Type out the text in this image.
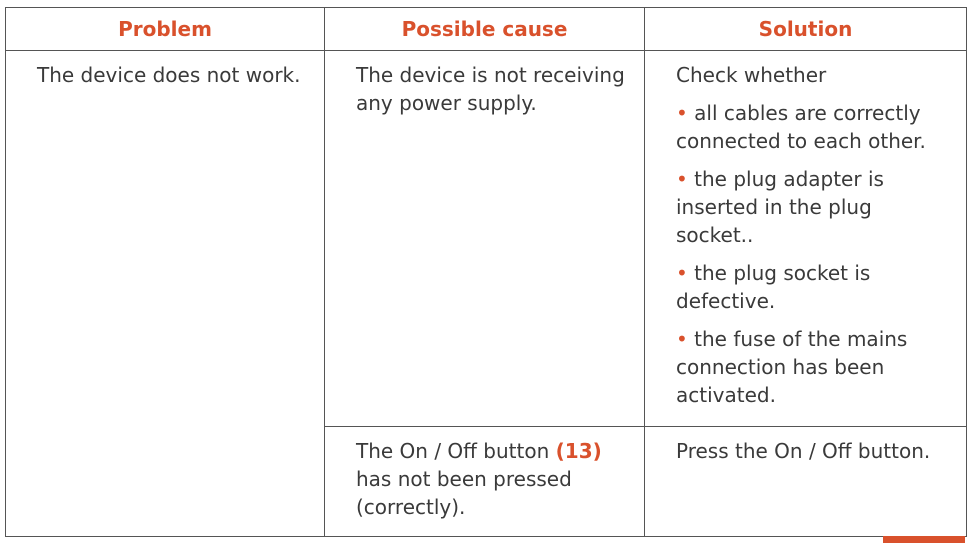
Problem	Possible cause	Solution

The device does not work.	The device is not receiving any power supply.	Check whether
• all cables are correctly connected to each other.
• the plug adapter is inserted in the plug socket..
• the plug socket is defective.
• the fuse of the mains connection has been activated.

	The On / Off button (13) has not been pressed (correctly).	Press the On / Off button.
